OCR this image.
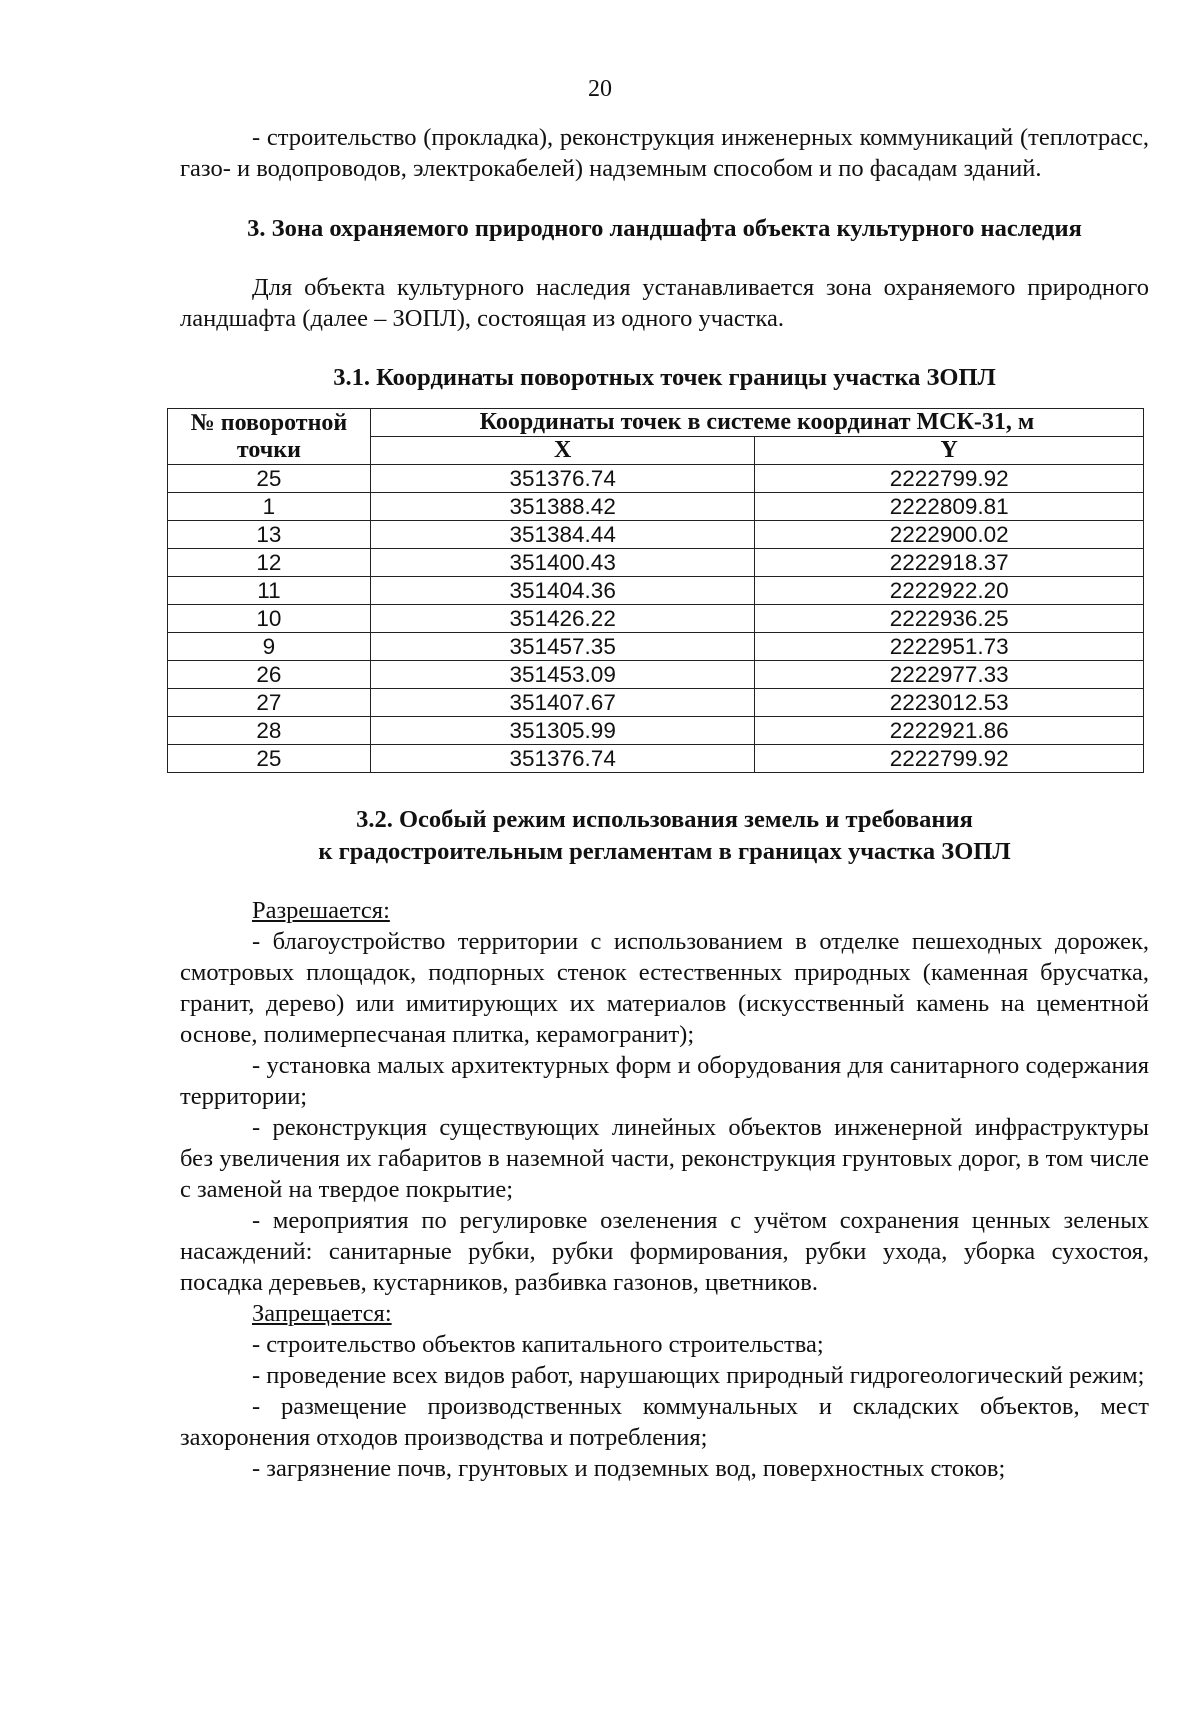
20

- строительство (прокладка), реконструкция инженерных коммуникаций (теплотрасс, газо- и водопроводов, электрокабелей) надземным способом и по фасадам зданий.

3. Зона охраняемого природного ландшафта объекта культурного наследия

Для объекта культурного наследия устанавливается зона охраняемого природного ландшафта (далее – ЗОПЛ), состоящая из одного участка.

3.1. Координаты поворотных точек границы участка ЗОПЛ

№ поворотной точки	Координаты точек в системе координат МСК-31, м	
	X	Y
25	351376.74	2222799.92
1	351388.42	2222809.81
13	351384.44	2222900.02
12	351400.43	2222918.37
11	351404.36	2222922.20
10	351426.22	2222936.25
9	351457.35	2222951.73
26	351453.09	2222977.33
27	351407.67	2223012.53
28	351305.99	2222921.86
25	351376.74	2222799.92

3.2. Особый режим использования земель и требования

к градостроительным регламентам в границах участка ЗОПЛ

Разрешается:

- благоустройство территории с использованием в отделке пешеходных дорожек, смотровых площадок, подпорных стенок естественных природных (каменная брусчатка, гранит, дерево) или имитирующих их материалов (искусственный камень на цементной основе, полимерпесчаная плитка, керамогранит);

- установка малых архитектурных форм и оборудования для санитарного содержания территории;

- реконструкция существующих линейных объектов инженерной инфраструктуры без увеличения их габаритов в наземной части, реконструкция грунтовых дорог, в том числе с заменой на твердое покрытие;

- мероприятия по регулировке озеленения с учётом сохранения ценных зеленых насаждений: санитарные рубки, рубки формирования, рубки ухода, уборка сухостоя, посадка деревьев, кустарников, разбивка газонов, цветников.

Запрещается:

- строительство объектов капитального строительства;

- проведение всех видов работ, нарушающих природный гидрогеологический режим;

- размещение производственных коммунальных и складских объектов, мест захоронения отходов производства и потребления;

- загрязнение почв, грунтовых и подземных вод, поверхностных стоков;
